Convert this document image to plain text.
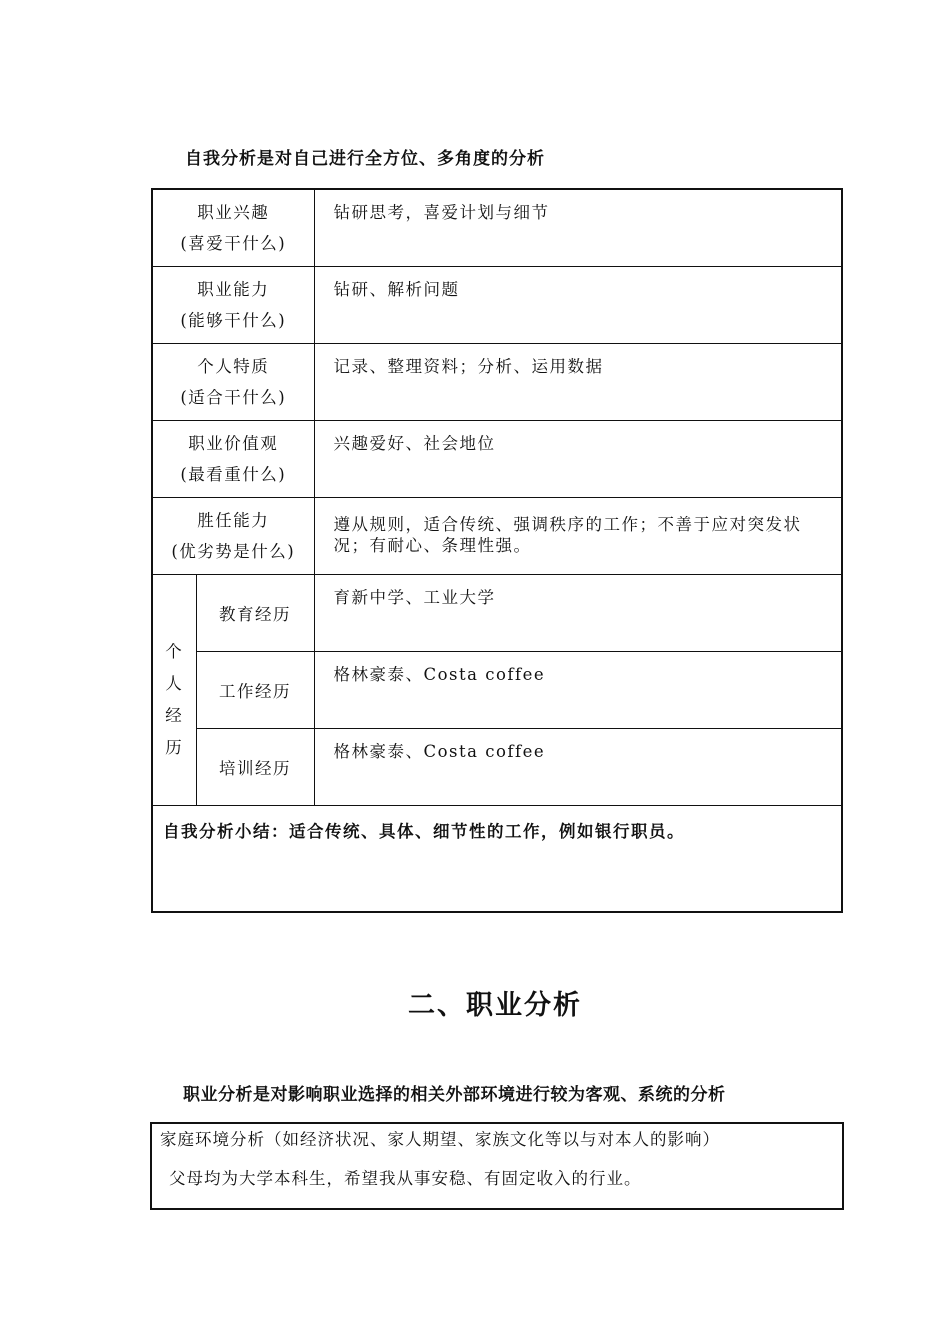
自我分析是对自己进行全方位、多角度的分析
职业兴趣
(喜爱干什么)		钻研思考，喜爱计划与细节

职业能力
(能够干什么)		钻研、解析问题

个人特质
(适合干什么)		记录、整理资料；分析、运用数据

职业价值观
(最看重什么)		兴趣爱好、社会地位

胜任能力
(优劣势是什么)		遵从规则，适合传统、强调秩序的工作；不善于应对突发状况；有耐心、条理性强。

个
人
经
历	教育经历	育新中学、工业大学
	工作经历	格林豪泰、Costa coffee
	培训经历	格林豪泰、Costa coffee
自我分析小结：适合传统、具体、细节性的工作，例如银行职员。		
二、职业分析
职业分析是对影响职业选择的相关外部环境进行较为客观、系统的分析
家庭环境分析（如经济状况、家人期望、家族文化等以与对本人的影响）
父母均为大学本科生，希望我从事安稳、有固定收入的行业。
